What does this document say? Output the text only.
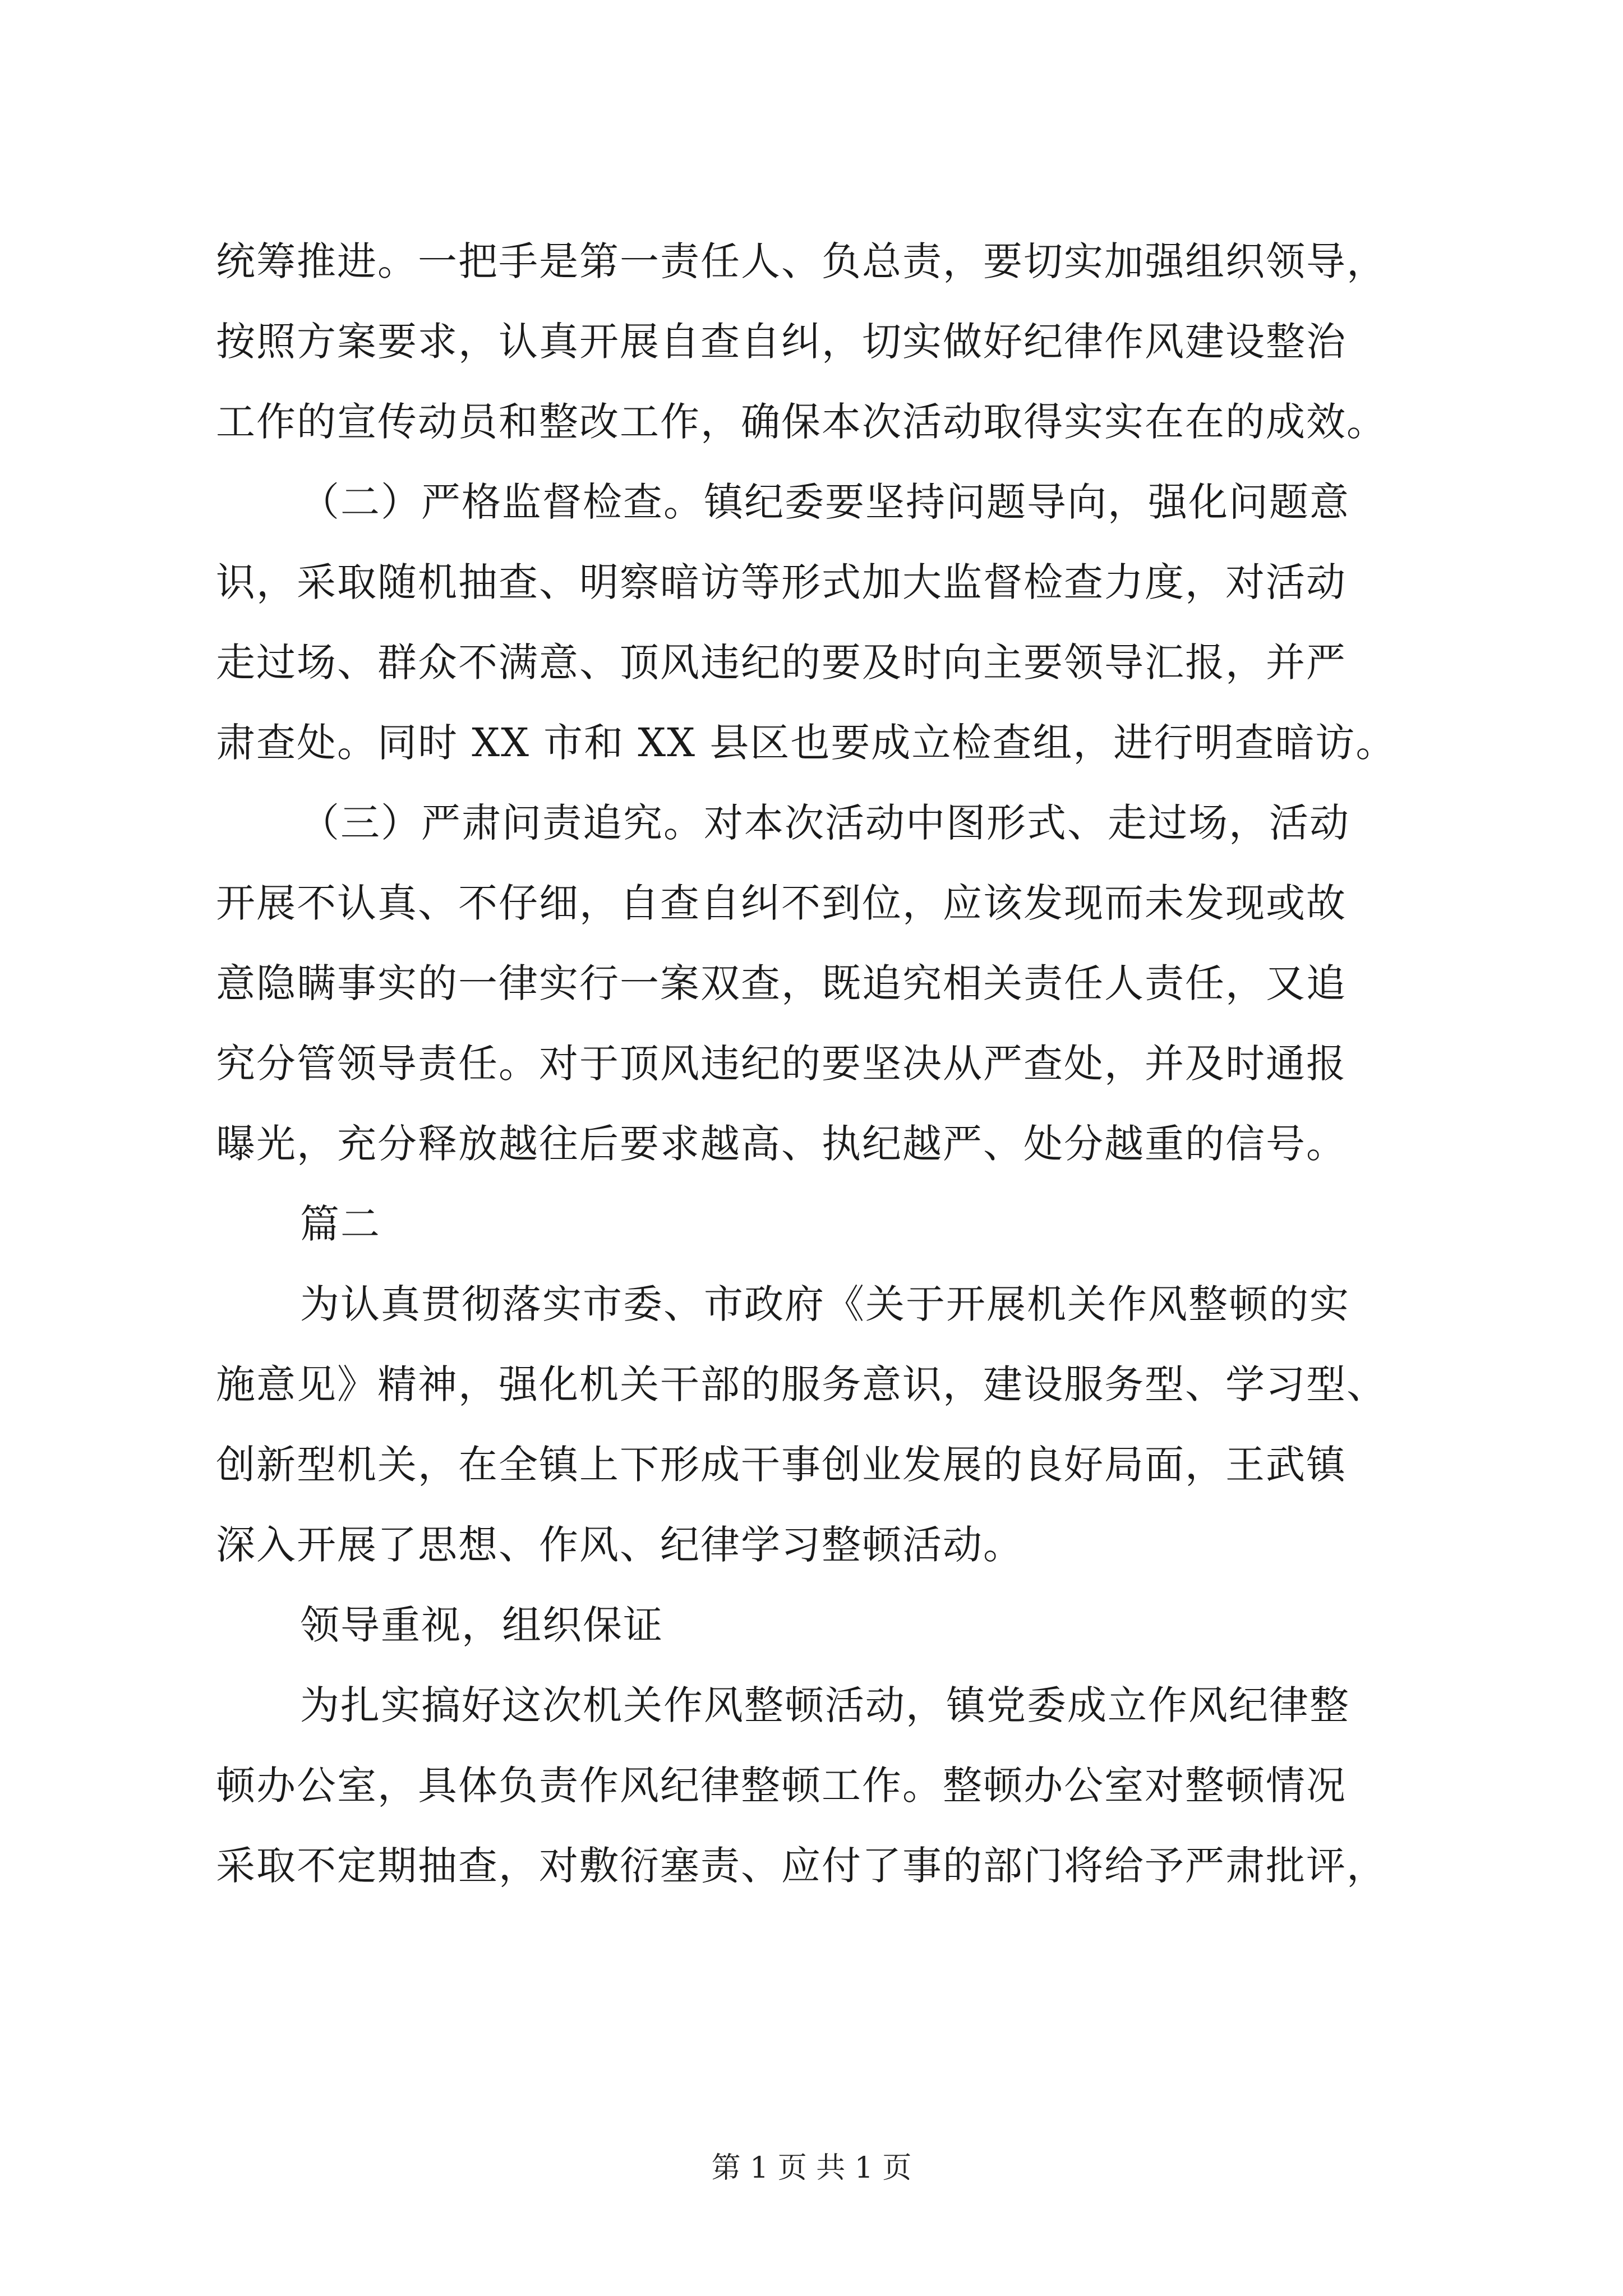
统筹推进。一把手是第一责任人、负总责，要切实加强组织领导，
按照方案要求，认真开展自查自纠，切实做好纪律作风建设整治
工作的宣传动员和整改工作，确保本次活动取得实实在在的成效。
（二）严格监督检查。镇纪委要坚持问题导向，强化问题意
识，采取随机抽查、明察暗访等形式加大监督检查力度，对活动
走过场、群众不满意、顶风违纪的要及时向主要领导汇报，并严
肃查处。同时 XX 市和 XX 县区也要成立检查组，进行明查暗访。
（三）严肃问责追究。对本次活动中图形式、走过场，活动
开展不认真、不仔细，自查自纠不到位，应该发现而未发现或故
意隐瞒事实的一律实行一案双查，既追究相关责任人责任，又追
究分管领导责任。对于顶风违纪的要坚决从严查处，并及时通报
曝光，充分释放越往后要求越高、执纪越严、处分越重的信号。
篇二
为认真贯彻落实市委、市政府《关于开展机关作风整顿的实
施意见》精神，强化机关干部的服务意识，建设服务型、学习型、
创新型机关，在全镇上下形成干事创业发展的良好局面，王武镇
深入开展了思想、作风、纪律学习整顿活动。
领导重视，组织保证
为扎实搞好这次机关作风整顿活动，镇党委成立作风纪律整
顿办公室，具体负责作风纪律整顿工作。整顿办公室对整顿情况
采取不定期抽查，对敷衍塞责、应付了事的部门将给予严肃批评，
第 1 页 共 1 页
